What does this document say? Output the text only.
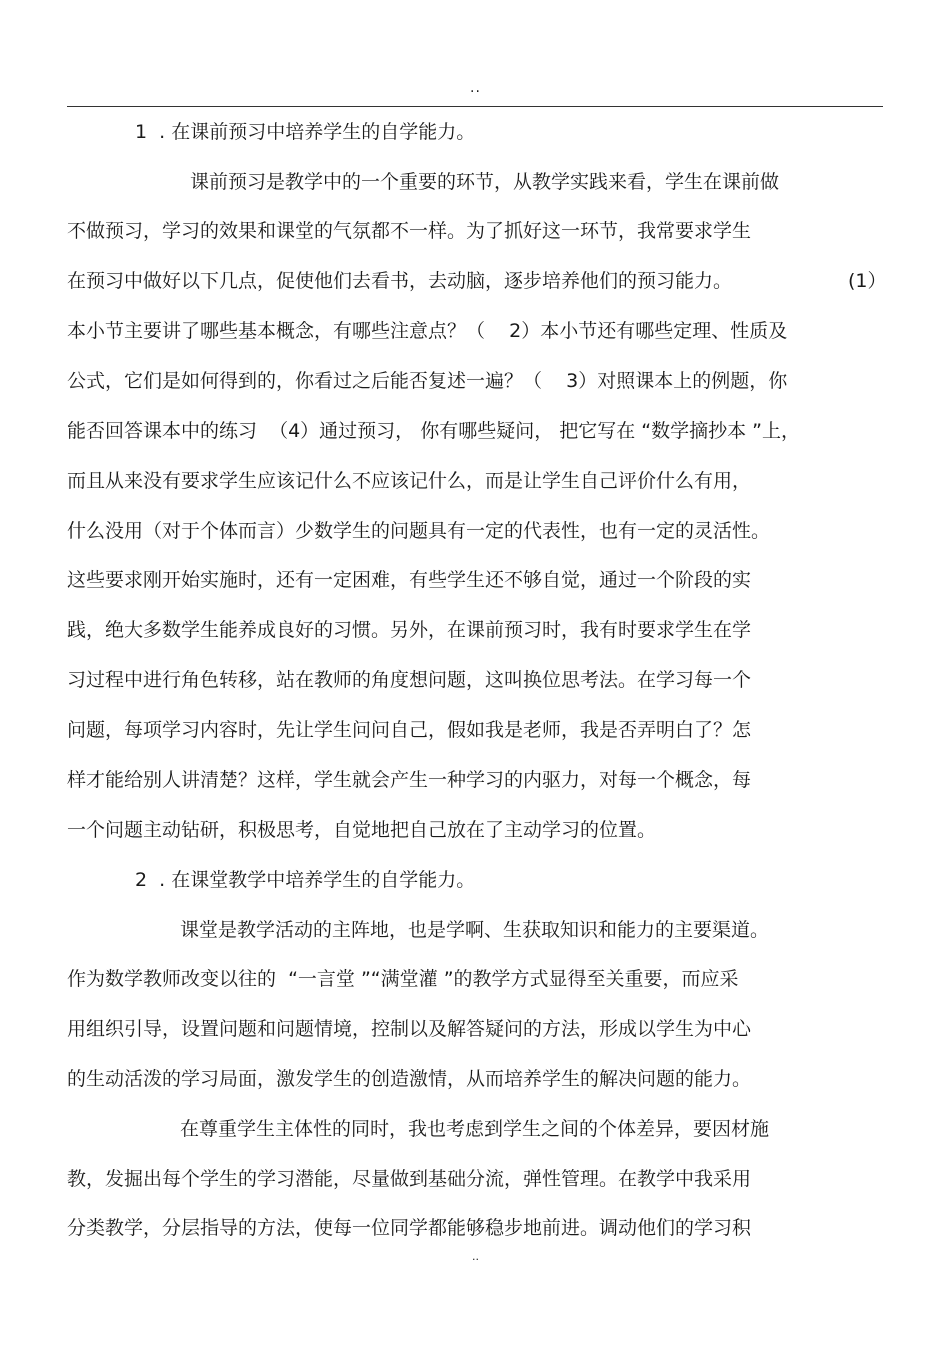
..
1  . 在课前预习中培养学生的自学能力。
课前预习是教学中的一个重要的环节，从教学实践来看，学生在课前做
不做预习，学习的效果和课堂的气氛都不一样。为了抓好这一环节，我常要求学生
在预习中做好以下几点，促使他们去看书，去动脑，逐步培养他们的预习能力。	(1）
本小节主要讲了哪些基本概念，有哪些注意点？（    2）本小节还有哪些定理、性质及
公式，它们是如何得到的，你看过之后能否复述一遍？（    3）对照课本上的例题，你
能否回答课本中的练习  （4）通过预习， 你有哪些疑问， 把它写在 “数学摘抄本 ”上，
而且从来没有要求学生应该记什么不应该记什么，而是让学生自己评价什么有用，
什么没用（对于个体而言）少数学生的问题具有一定的代表性，也有一定的灵活性。
这些要求刚开始实施时，还有一定困难，有些学生还不够自觉，通过一个阶段的实
践，绝大多数学生能养成良好的习惯。另外，在课前预习时，我有时要求学生在学
习过程中进行角色转移，站在教师的角度想问题，这叫换位思考法。在学习每一个
问题，每项学习内容时，先让学生问问自己，假如我是老师，我是否弄明白了？怎
样才能给别人讲清楚？这样，学生就会产生一种学习的内驱力，对每一个概念，每
一个问题主动钻研，积极思考，自觉地把自己放在了主动学习的位置。
2  . 在课堂教学中培养学生的自学能力。
课堂是教学活动的主阵地，也是学啊、生获取知识和能力的主要渠道。
作为数学教师改变以往的  “一言堂 ”“满堂灌 ”的教学方式显得至关重要，而应采
用组织引导，设置问题和问题情境，控制以及解答疑问的方法，形成以学生为中心
的生动活泼的学习局面，激发学生的创造激情，从而培养学生的解决问题的能力。
在尊重学生主体性的同时，我也考虑到学生之间的个体差异，要因材施
教，发掘出每个学生的学习潜能，尽量做到基础分流，弹性管理。在教学中我采用
分类教学，分层指导的方法，使每一位同学都能够稳步地前进。调动他们的学习积
..
